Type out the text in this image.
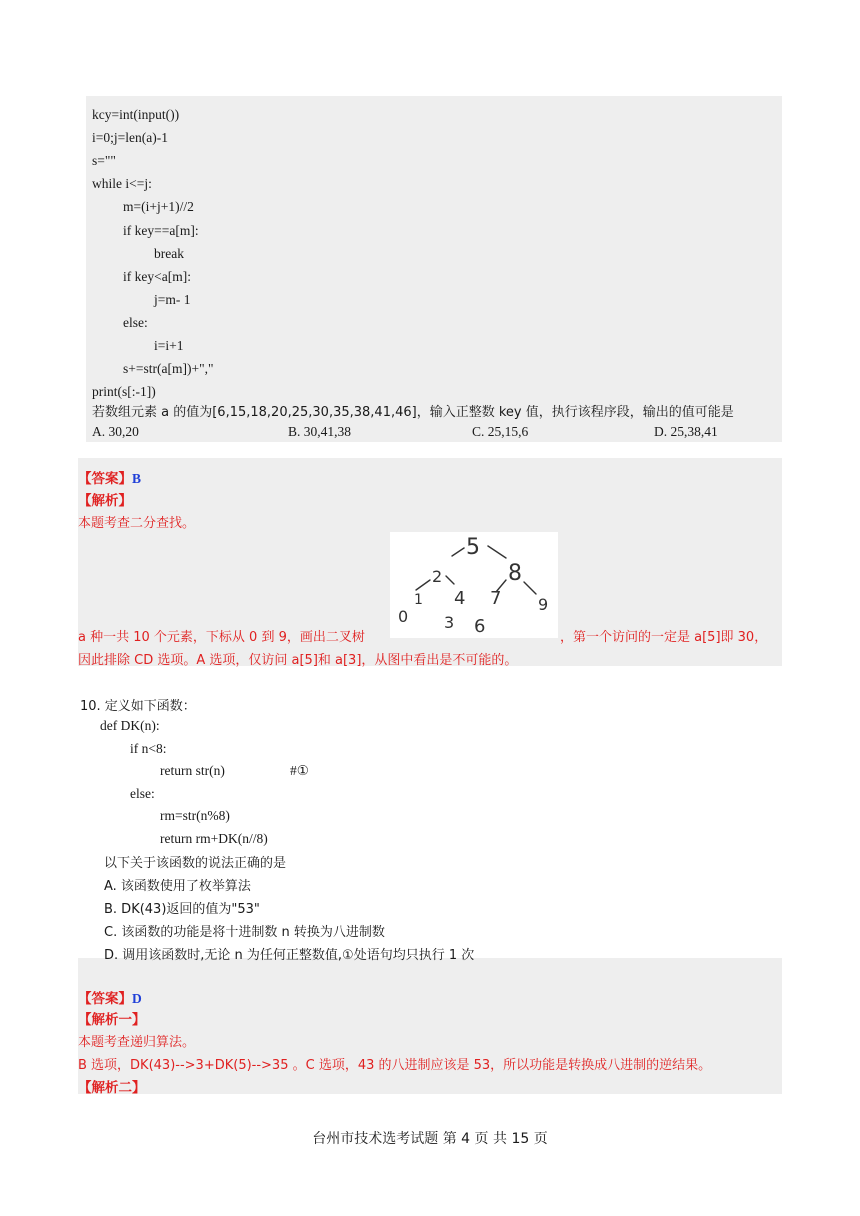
kcy=int(input())
i=0;j=len(a)-1
s=""
while i<=j:
m=(i+j+1)//2
if key==a[m]:
break
if key<a[m]:
j=m- 1
else:
i=i+1
s+=str(a[m])+","
print(s[:-1])
若数组元素 a 的值为[6,15,18,20,25,30,35,38,41,46]，输入正整数 key 值，执行该程序段，输出的值可能是
A. 30,20	B. 30,41,38	C. 25,15,6	D. 25,38,41
【答案】B
【解析】
本题考查二分查找。
5
2	8
0
1 4
3
7
6
9
a 种一共 10 个元素，下标从 0 到 9，画出二叉树	，第一个访问的一定是 a[5]即 30，
因此排除 CD 选项。A 选项，仅访问 a[5]和 a[3]，从图中看出是不可能的。
10. 定义如下函数：
def DK(n):
if n<8:
return str(n)	#①
else:
rm=str(n%8)
return rm+DK(n//8)
以下关于该函数的说法正确的是
A. 该函数使用了枚举算法
B. DK(43)返回的值为"53"
C. 该函数的功能是将十进制数 n 转换为八进制数
D. 调用该函数时,无论 n 为任何正整数值,①处语句均只执行 1 次
【答案】D
【解析一】
本题考查递归算法。
B 选项，DK(43)-->3+DK(5)-->35 。C 选项，43 的八进制应该是 53，所以功能是转换成八进制的逆结果。
【解析二】
台州市技术选考试题 第 4 页 共 15 页
